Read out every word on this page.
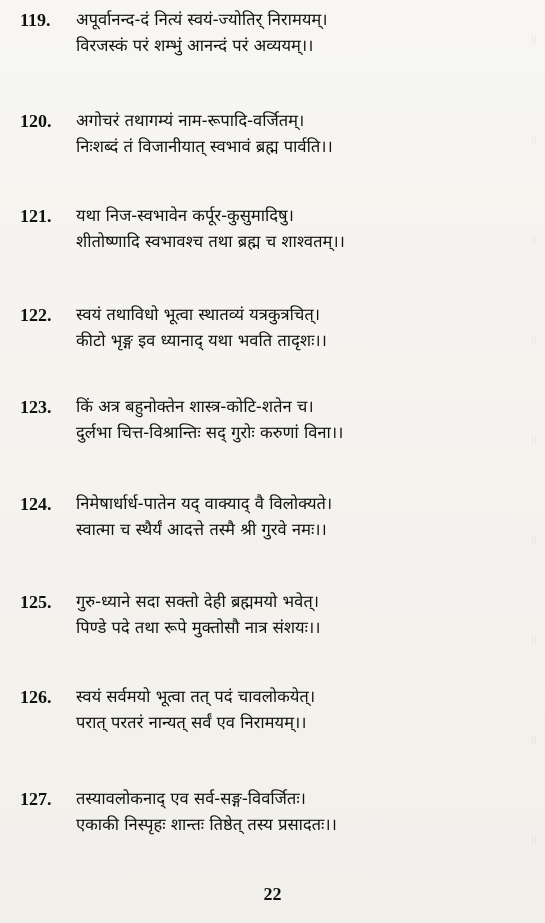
॥
॥
॥
॥
॥
॥
॥
॥
॥
119.	अपूर्वानन्द-दं नित्यं स्वयं-ज्योतिर् निरामयम्।
विरजस्कं परं शम्भुं आनन्दं परं अव्ययम्।।
120.	अगोचरं तथागम्यं नाम-रूपादि-वर्जितम्।
निःशब्दं तं विजानीयात् स्वभावं ब्रह्म पार्वति।।
121.	यथा निज-स्वभावेन कर्पूर-कुसुमादिषु।
शीतोष्णादि स्वभावश्च तथा ब्रह्म च शाश्वतम्।।
122.	स्वयं तथाविधो भूत्वा स्थातव्यं यत्रकुत्रचित्।
कीटो भृङ्ग इव ध्यानाद् यथा भवति तादृशः।।
123.	किं अत्र बहुनोक्तेन शास्त्र-कोटि-शतेन च।
दुर्लभा चित्त-विश्रान्तिः सद् गुरोः करुणां विना।।
124.	निमेषार्धार्ध-पातेन यद् वाक्याद् वै विलोक्यते।
स्वात्मा च स्थैर्यं आदत्ते तस्मै श्री गुरवे नमः।।
125.	गुरु-ध्याने सदा सक्तो देही ब्रह्ममयो भवेत्।
पिण्डे पदे तथा रूपे मुक्तोसौ नात्र संशयः।।
126.	स्वयं सर्वमयो भूत्वा तत् पदं चावलोकयेत्।
परात् परतरं नान्यत् सर्वं एव निरामयम्।।
127.	तस्यावलोकनाद् एव सर्व-सङ्ग-विवर्जितः।
एकाकी निस्पृहः शान्तः तिष्ठेत् तस्य प्रसादतः।।
22
